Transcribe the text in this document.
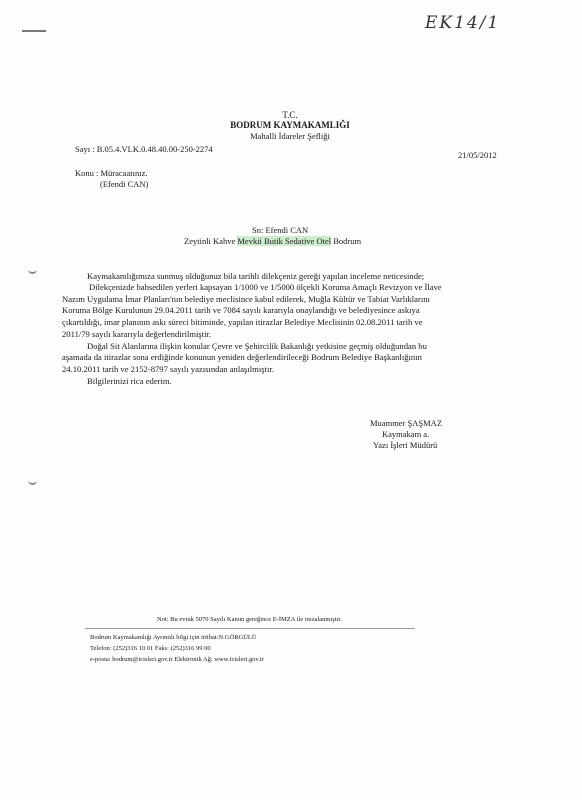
EK14/1
T.C.
BODRUM KAYMAKAMLIĞI
Mahalli İdareler Şefliği
Sayı : B.05.4.VLK.0.48.40.00-250-2274
21/05/2012
Konu : Müracaatınız.
(Efendi CAN)
Sn: Efendi CAN
Zeytinli Kahve Mevkii Butik Sedative Otel Bodrum
Kaymakamlığımıza sunmuş olduğunuz bila tarihli dilekçeniz gereği yapılan inceleme neticesinde;
Dilekçenizde bahsedilen yerleri kapsayan 1/1000 ve 1/5000 ölçekli Koruma Amaçlı Revizyon ve İlave
Nazım Uygulama İmar Planları'nın belediye meclisince kabul edilerek, Muğla Kültür ve Tabiat Varlıklarını
Koruma Bölge Kurulunun 29.04.2011 tarih ve 7084 sayılı kararıyla onaylandığı ve belediyesince askıya
çıkartıldığı, imar planının askı süreci bitiminde, yapılan itirazlar Belediye Meclisinin 02.08.2011 tarih ve
2011/79 sayılı kararıyla değerlendirilmiştir.
Doğal Sit Alanlarına ilişkin konular Çevre ve Şehircilik Bakanlığı yetkisine geçmiş olduğundan bu
aşamada da itirazlar sona erdiğinde konunun yeniden değerlendirileceği Bodrum Belediye Başkanlığının
24.10.2011 tarih ve 2152-8797 sayılı yazısından anlaşılmıştır.
Bilgilerinizi rica ederim.
Muammer ŞAŞMAZ
Kaymakam a.
Yazı İşleri Müdürü
Not: Bu evrak 5070 Sayılı Kanun gereğince E-İMZA ile imzalanmıştır.
Bodrum Kaymakamlığı Ayrıntılı bilgi için irtibat:N.GÖRGÜLÜ
Telefon: (252)316 10 01 Faks: (252)316 99 00
e-posta: bodrum@icisleri.gov.tr Elektronik Ağ: www.icisleri.gov.tr
